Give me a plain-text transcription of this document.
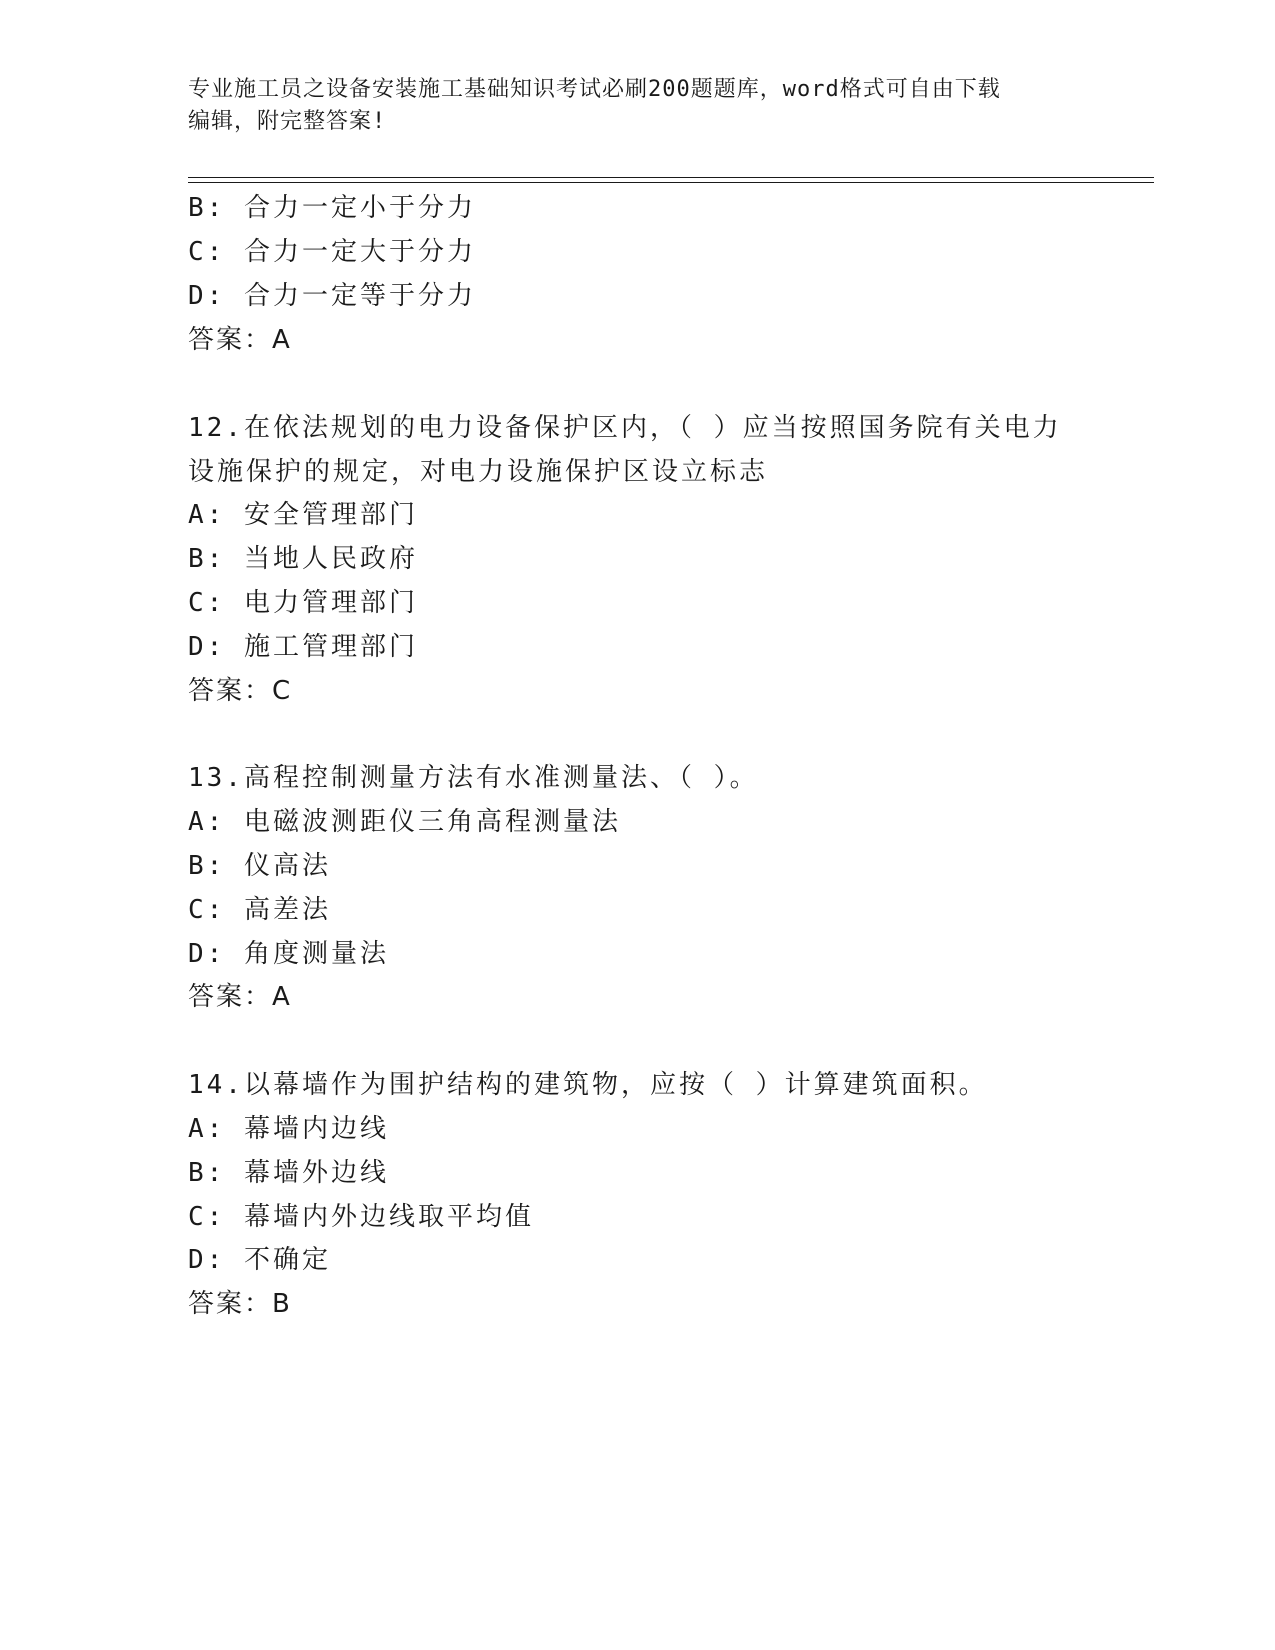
专业施工员之设备安装施工基础知识考试必刷200题题库，word格式可自由下载
编辑，附完整答案!
B: 合力一定小于分力
C: 合力一定大于分力
D: 合力一定等于分力
答案：A
12.在依法规划的电力设备保护区内，（ ）应当按照国务院有关电力
设施保护的规定，对电力设施保护区设立标志
A: 安全管理部门
B: 当地人民政府
C: 电力管理部门
D: 施工管理部门
答案：C
13.高程控制测量方法有水准测量法、（ ）。
A: 电磁波测距仪三角高程测量法
B: 仪高法
C: 高差法
D: 角度测量法
答案：A
14.以幕墙作为围护结构的建筑物，应按（ ）计算建筑面积。
A: 幕墙内边线
B: 幕墙外边线
C: 幕墙内外边线取平均值
D: 不确定
答案：B
